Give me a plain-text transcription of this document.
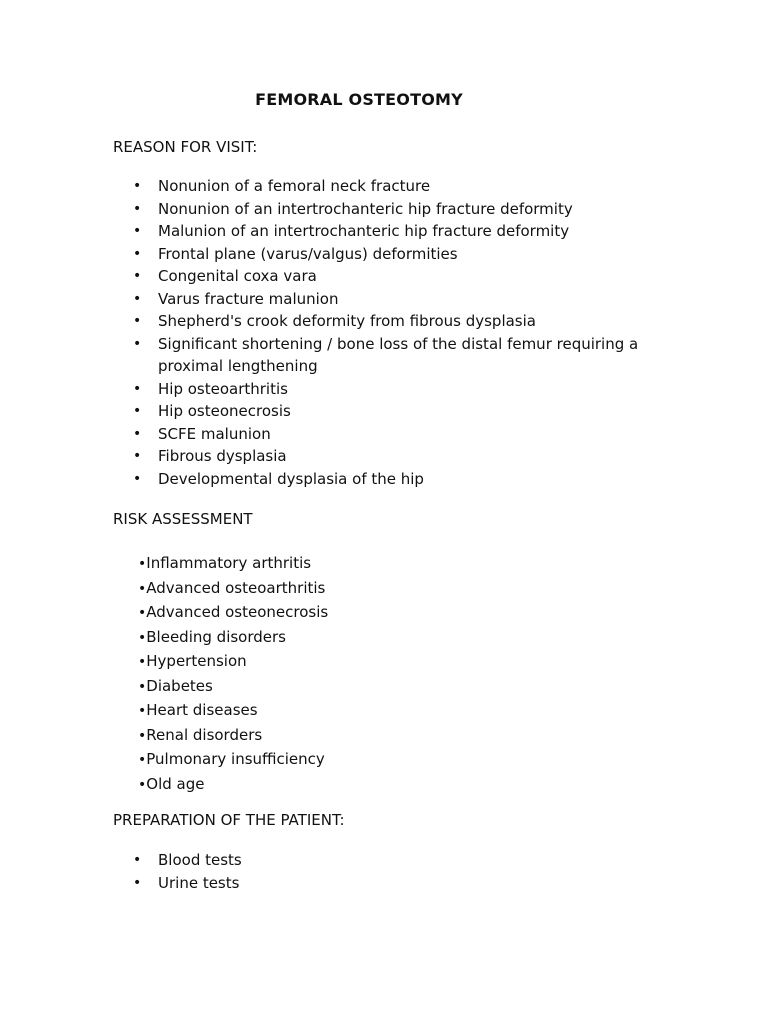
FEMORAL OSTEOTOMY
REASON FOR VISIT:
• Nonunion of a femoral neck fracture
• Nonunion of an intertrochanteric hip fracture deformity
• Malunion of an intertrochanteric hip fracture deformity
• Frontal plane (varus/valgus) deformities
• Congenital coxa vara
• Varus fracture malunion
• Shepherd's crook deformity from fibrous dysplasia
• Significant shortening / bone loss of the distal femur requiring a proximal lengthening
• Hip osteoarthritis
• Hip osteonecrosis
• SCFE malunion
• Fibrous dysplasia
• Developmental dysplasia of the hip
RISK ASSESSMENT
•Inflammatory arthritis
•Advanced osteoarthritis
•Advanced osteonecrosis
•Bleeding disorders
•Hypertension
•Diabetes
•Heart diseases
•Renal disorders
•Pulmonary insufficiency
•Old age
PREPARATION OF THE PATIENT:
• Blood tests
• Urine tests
